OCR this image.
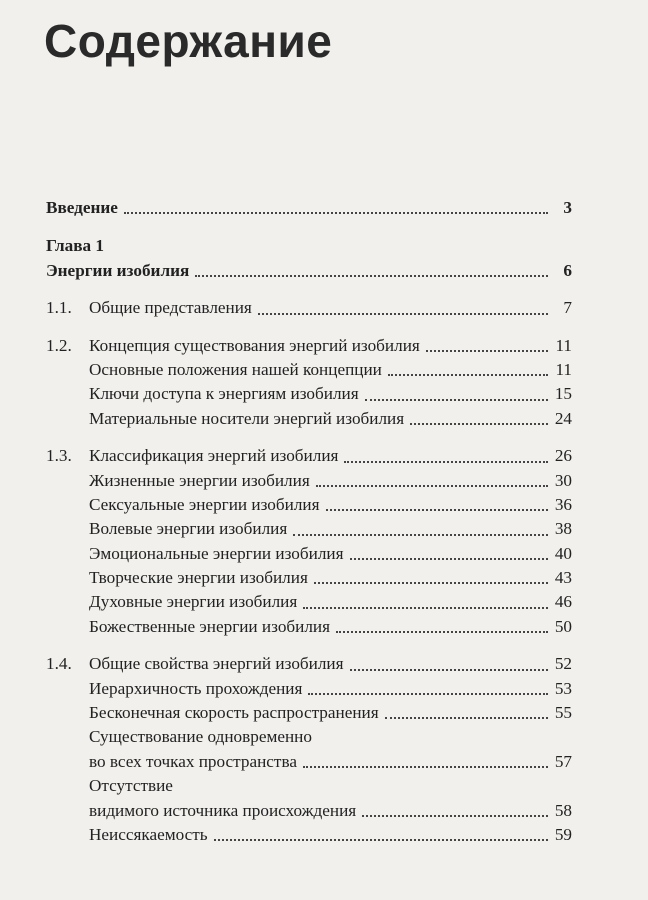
Содержание
Введение	3
Глава 1
Энергии изобилия	6
1.1.	Общие представления	7
1.2.	Концепция существования энергий изобилия	11
Основные положения нашей концепции	11
Ключи доступа к энергиям изобилия	15
Материальные носители энергий изобилия	24
1.3.	Классификация энергий изобилия	26
Жизненные энергии изобилия	30
Сексуальные энергии изобилия	36
Волевые энергии изобилия	38
Эмоциональные энергии изобилия	40
Творческие энергии изобилия	43
Духовные энергии изобилия	46
Божественные энергии изобилия	50
1.4.	Общие свойства энергий изобилия	52
Иерархичность прохождения	53
Бесконечная скорость распространения	55
Существование одновременно
во всех точках пространства	57
Отсутствие
видимого источника происхождения	58
Неиссякаемость	59
